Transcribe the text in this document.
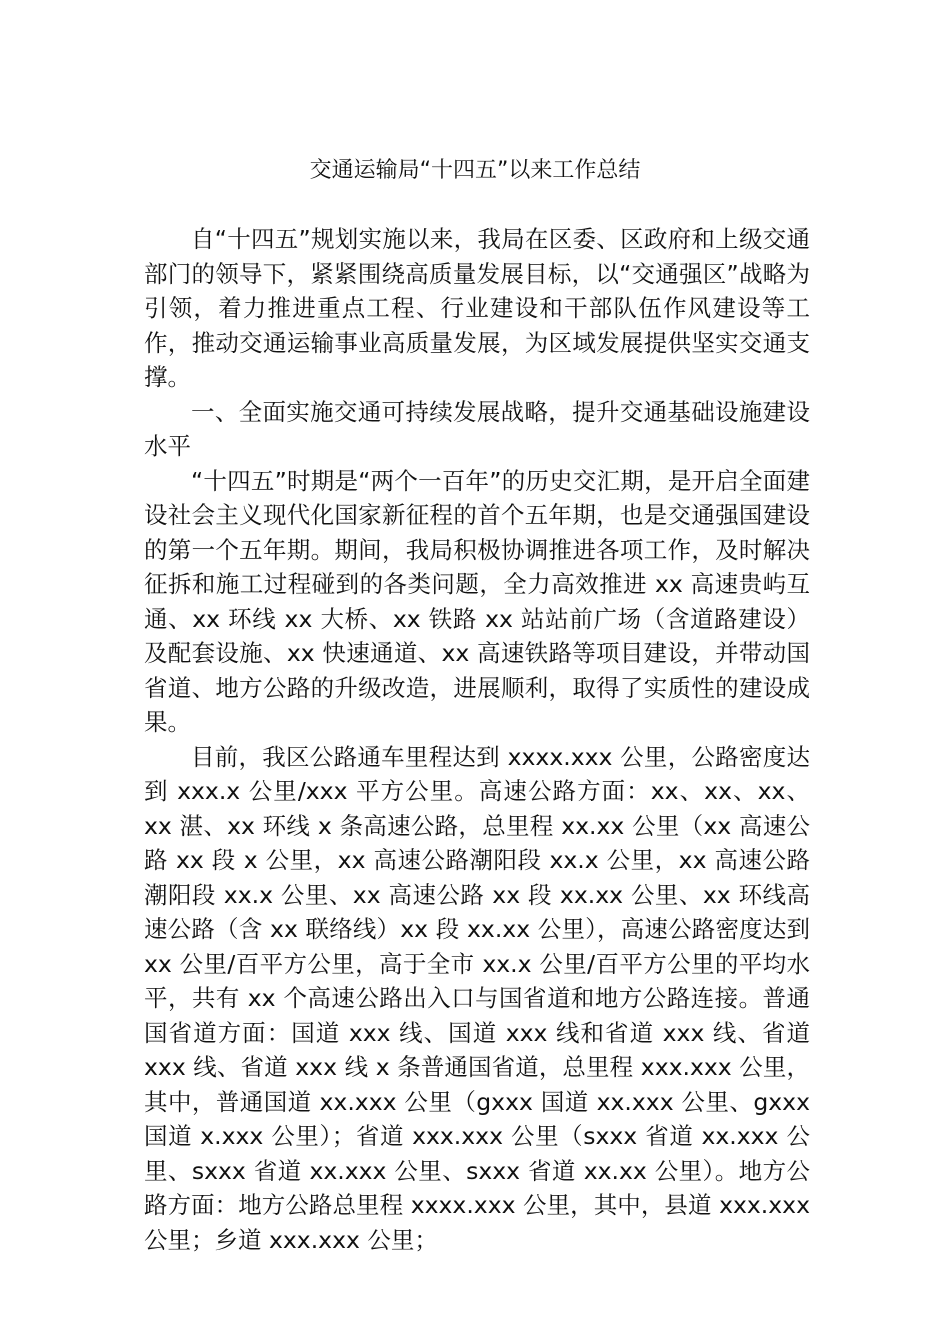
交通运输局“十四五”以来工作总结

自“十四五”规划实施以来，我局在区委、区政府和上级交通部门的领导下，紧紧围绕高质量发展目标，以“交通强区”战略为引领，着力推进重点工程、行业建设和干部队伍作风建设等工作，推动交通运输事业高质量发展，为区域发展提供坚实交通支撑。

一、全面实施交通可持续发展战略，提升交通基础设施建设水平

“十四五”时期是“两个一百年”的历史交汇期，是开启全面建设社会主义现代化国家新征程的首个五年期，也是交通强国建设的第一个五年期。期间，我局积极协调推进各项工作，及时解决征拆和施工过程碰到的各类问题，全力高效推进 xx 高速贵屿互通、xx 环线 xx 大桥、xx 铁路 xx 站站前广场（含道路建设）及配套设施、xx 快速通道、xx 高速铁路等项目建设，并带动国省道、地方公路的升级改造，进展顺利，取得了实质性的建设成果。

目前，我区公路通车里程达到 xxxx.xxx 公里，公路密度达到 xxx.x 公里/xxx 平方公里。高速公路方面：xx、xx、xx、xx 湛、xx 环线 x 条高速公路，总里程 xx.xx 公里（xx 高速公路 xx 段 x 公里，xx 高速公路潮阳段 xx.x 公里，xx 高速公路潮阳段 xx.x 公里、xx 高速公路 xx 段 xx.xx 公里、xx 环线高速公路（含 xx 联络线）xx 段 xx.xx 公里），高速公路密度达到 xx 公里/百平方公里，高于全市 xx.x 公里/百平方公里的平均水平，共有 xx 个高速公路出入口与国省道和地方公路连接。普通国省道方面：国道 xxx 线、国道 xxx 线和省道 xxx 线、省道 xxx 线、省道 xxx 线 x 条普通国省道，总里程 xxx.xxx 公里，其中，普通国道 xx.xxx 公里（gxxx 国道 xx.xxx 公里、gxxx 国道 x.xxx 公里）；省道 xxx.xxx 公里（sxxx 省道 xx.xxx 公里、sxxx 省道 xx.xxx 公里、sxxx 省道 xx.xx 公里）。地方公路方面：地方公路总里程 xxxx.xxx 公里，其中，县道 xxx.xxx 公里；乡道 xxx.xxx 公里；
